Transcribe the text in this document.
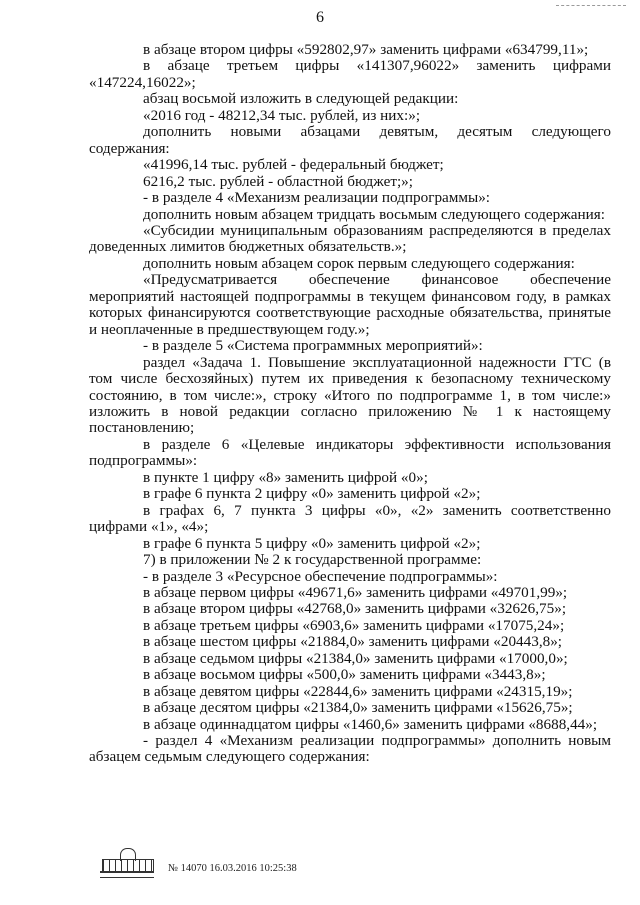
6

в абзаце втором цифры «592802,97» заменить цифрами «634799,11»;

в абзаце третьем цифры «141307,96022» заменить цифрами «147224,16022»;

абзац восьмой изложить в следующей редакции:

«2016 год - 48212,34 тыс. рублей, из них:»;

дополнить новыми абзацами девятым, десятым следующего содержания:

«41996,14 тыс. рублей - федеральный бюджет;

6216,2 тыс. рублей - областной бюджет;»;

- в разделе 4 «Механизм реализации подпрограммы»:

дополнить новым абзацем тридцать восьмым следующего содержания:

«Субсидии муниципальным образованиям распределяются в пределах доведенных лимитов бюджетных обязательств.»;

дополнить новым абзацем сорок первым следующего содержания:

«Предусматривается обеспечение финансовое обеспечение мероприятий настоящей подпрограммы в текущем финансовом году, в рамках которых финансируются соответствующие расходные обязательства, принятые и неоплаченные в предшествующем году.»;

- в разделе 5 «Система программных мероприятий»:

раздел «Задача 1. Повышение эксплуатационной надежности ГТС (в том числе бесхозяйных) путем их приведения к безопасному техническому состоянию, в том числе:», строку «Итого по подпрограмме 1, в том числе:» изложить в новой редакции согласно приложению № 1 к настоящему постановлению;

в разделе 6 «Целевые индикаторы эффективности использования подпрограммы»:

в пункте 1 цифру «8» заменить цифрой «0»;

в графе 6 пункта 2 цифру «0» заменить цифрой «2»;

в графах 6, 7 пункта 3 цифры «0», «2» заменить соответственно цифрами «1», «4»;

в графе 6 пункта 5 цифру «0» заменить цифрой «2»;

7) в приложении № 2 к государственной программе:

- в разделе 3 «Ресурсное обеспечение подпрограммы»:

в абзаце первом цифры «49671,6» заменить цифрами «49701,99»;

в абзаце втором цифры «42768,0» заменить цифрами «32626,75»;

в абзаце третьем цифры «6903,6» заменить цифрами «17075,24»;

в абзаце шестом цифры «21884,0» заменить цифрами «20443,8»;

в абзаце седьмом цифры «21384,0» заменить цифрами «17000,0»;

в абзаце восьмом цифры «500,0» заменить цифрами «3443,8»;

в абзаце девятом цифры «22844,6» заменить цифрами «24315,19»;

в абзаце десятом цифры «21384,0» заменить цифрами «15626,75»;

в абзаце одиннадцатом цифры «1460,6» заменить цифрами «8688,44»;

- раздел 4 «Механизм реализации подпрограммы» дополнить новым абзацем седьмым следующего содержания:

№ 14070 16.03.2016 10:25:38
